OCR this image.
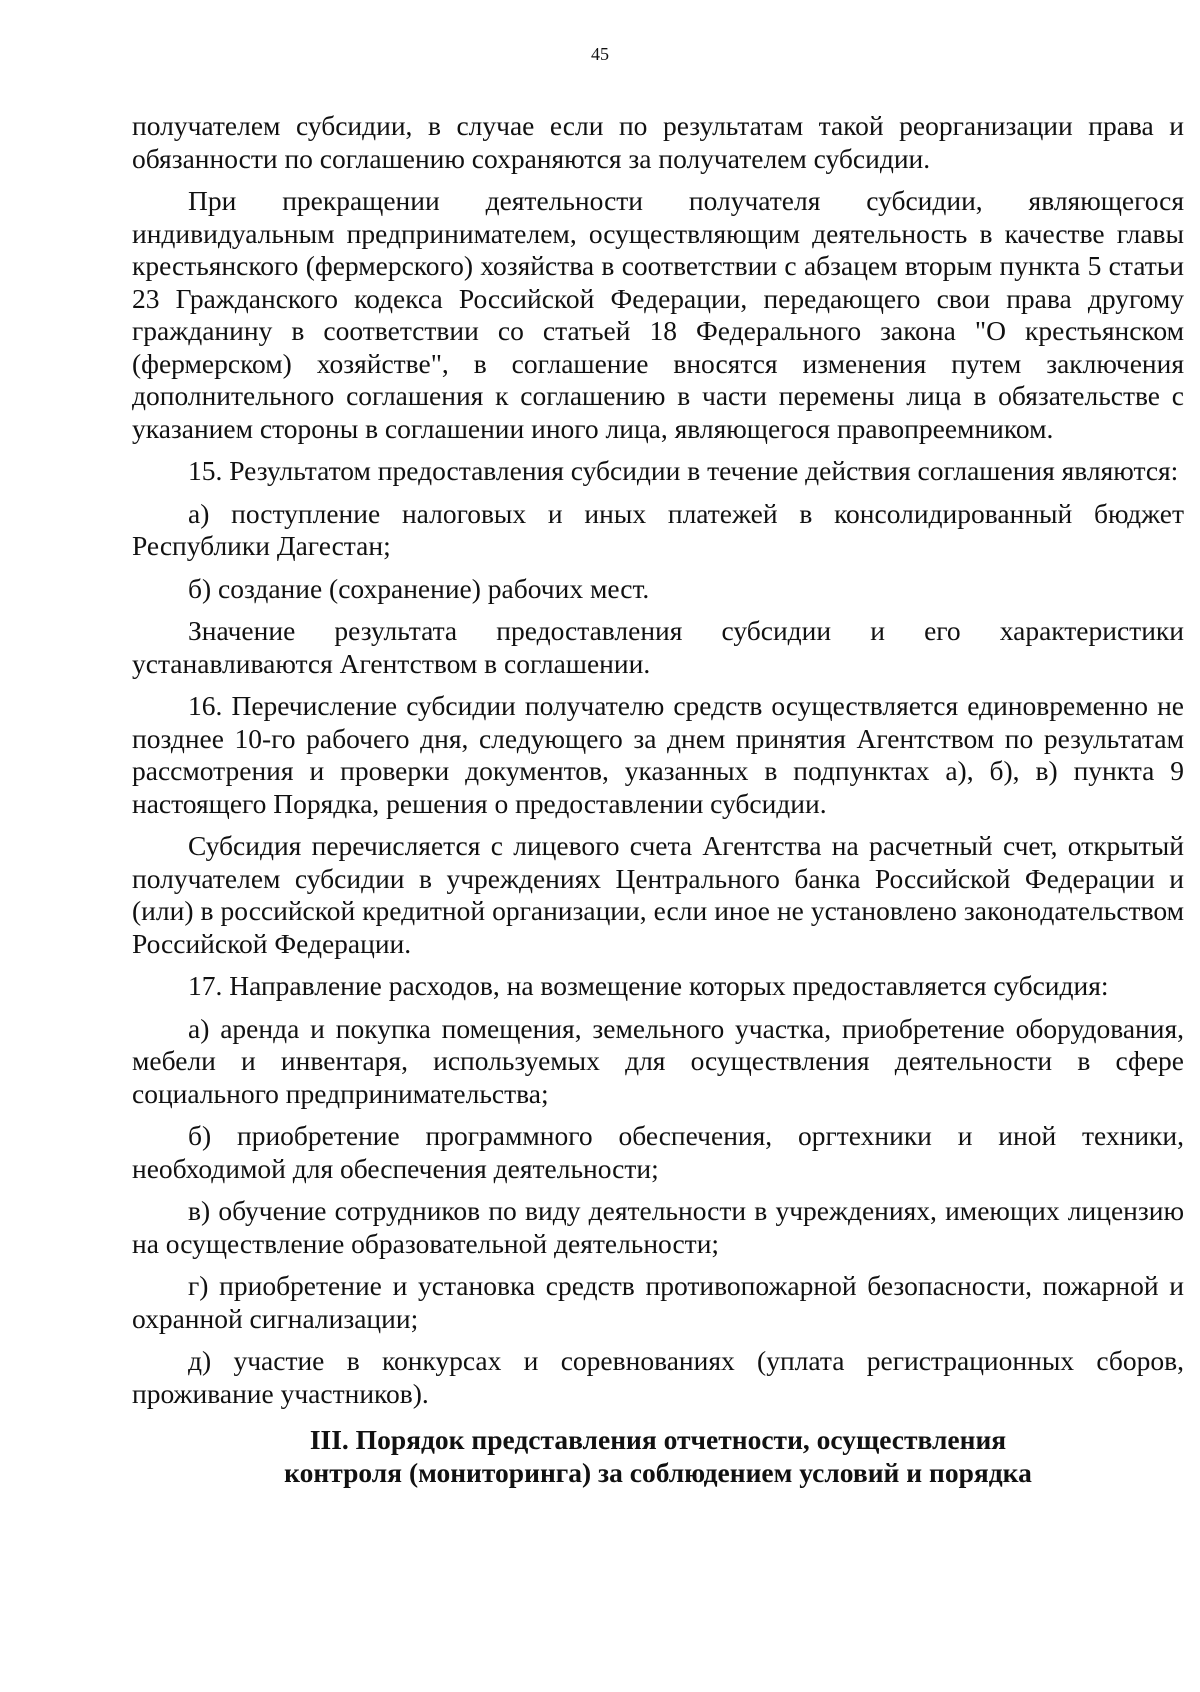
45

получателем субсидии, в случае если по результатам такой реорганизации права и обязанности по соглашению сохраняются за получателем субсидии.

При прекращении деятельности получателя субсидии, являющегося индивидуальным предпринимателем, осуществляющим деятельность в качестве главы крестьянского (фермерского) хозяйства в соответствии с абзацем вторым пункта 5 статьи 23 Гражданского кодекса Российской Федерации, передающего свои права другому гражданину в соответствии со статьей 18 Федерального закона "О крестьянском (фермерском) хозяйстве", в соглашение вносятся изменения путем заключения дополнительного соглашения к соглашению в части перемены лица в обязательстве с указанием стороны в соглашении иного лица, являющегося правопреемником.

15. Результатом предоставления субсидии в течение действия соглашения являются:

а) поступление налоговых и иных платежей в консолидированный бюджет Республики Дагестан;

б) создание (сохранение) рабочих мест.

Значение результата предоставления субсидии и его характеристики устанавливаются Агентством в соглашении.

16. Перечисление субсидии получателю средств осуществляется единовременно не позднее 10-го рабочего дня, следующего за днем принятия Агентством по результатам рассмотрения и проверки документов, указанных в подпунктах а), б), в) пункта 9 настоящего Порядка, решения о предоставлении субсидии.

Субсидия перечисляется с лицевого счета Агентства на расчетный счет, открытый получателем субсидии в учреждениях Центрального банка Российской Федерации и (или) в российской кредитной организации, если иное не установлено законодательством Российской Федерации.

17. Направление расходов, на возмещение которых предоставляется субсидия:

а) аренда и покупка помещения, земельного участка, приобретение оборудования, мебели и инвентаря, используемых для осуществления деятельности в сфере социального предпринимательства;

б) приобретение программного обеспечения, оргтехники и иной техники, необходимой для обеспечения деятельности;

в) обучение сотрудников по виду деятельности в учреждениях, имеющих лицензию на осуществление образовательной деятельности;

г) приобретение и установка средств противопожарной безопасности, пожарной и охранной сигнализации;

д) участие в конкурсах и соревнованиях (уплата регистрационных сборов, проживание участников).

III. Порядок представления отчетности, осуществления
контроля (мониторинга) за соблюдением условий и порядка
